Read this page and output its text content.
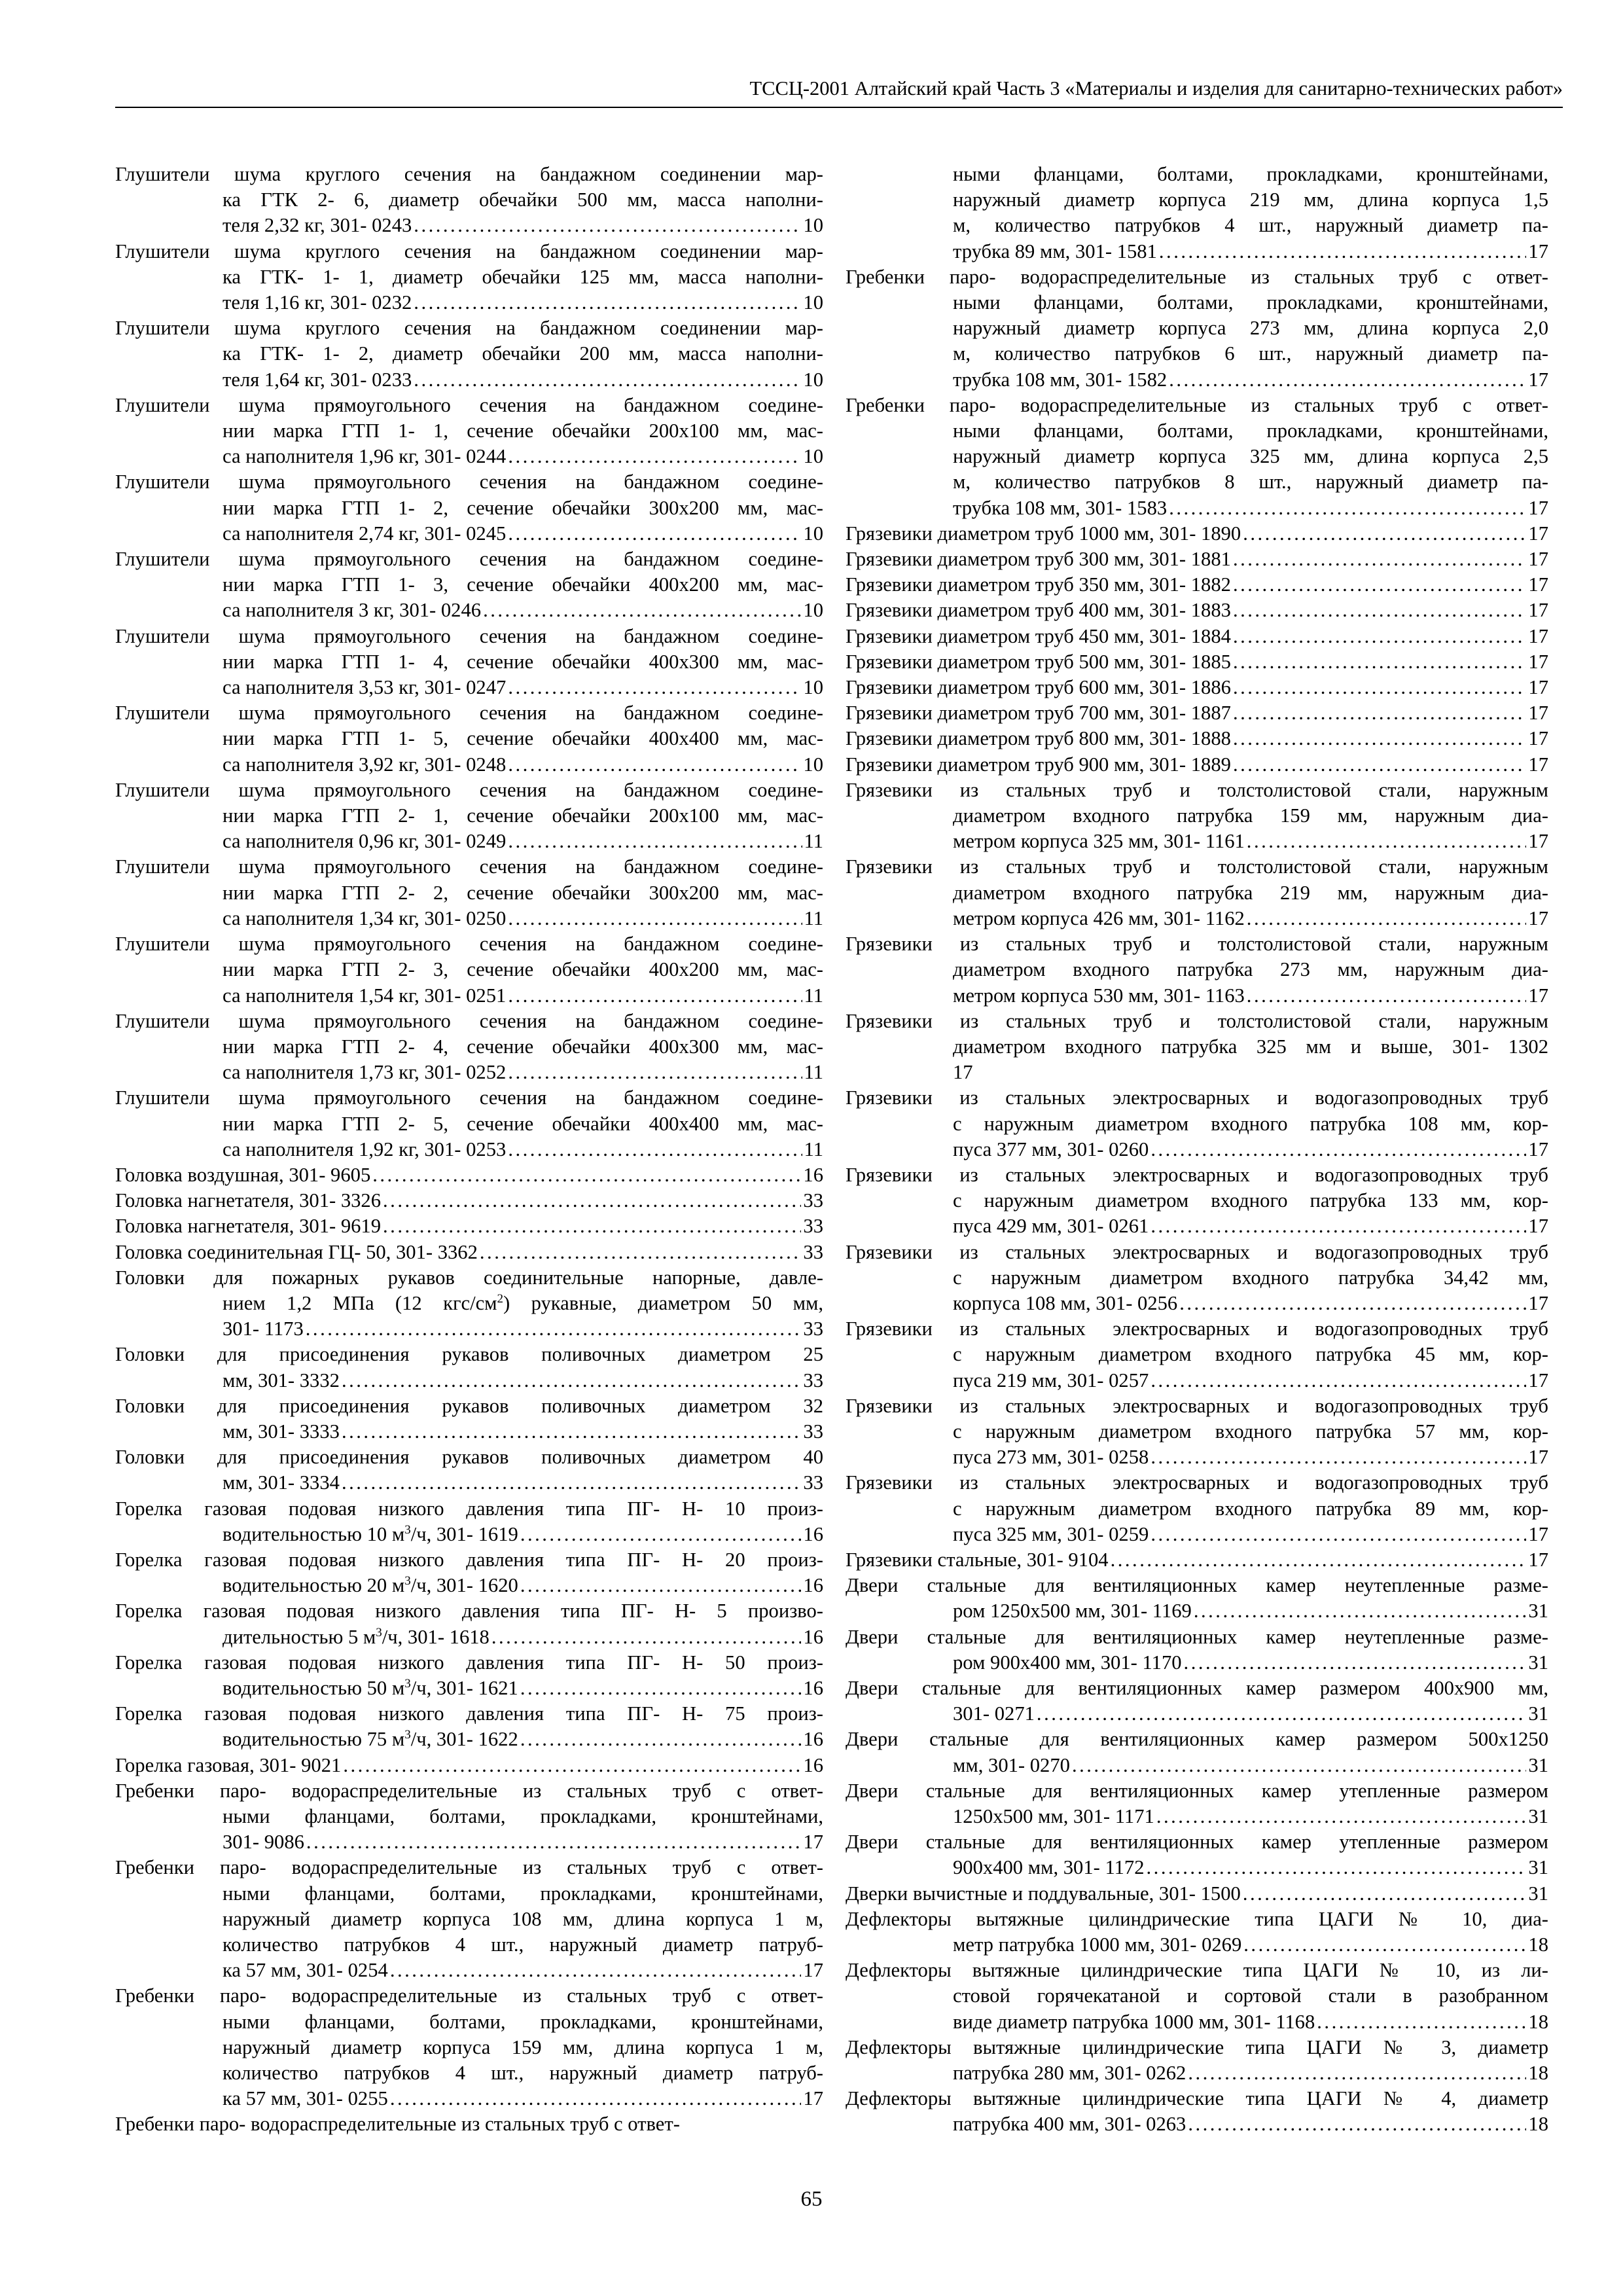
ТССЦ-2001 Алтайский край Часть 3 «Материалы и изделия для санитарно-технических работ»
Глушители шума круглого сечения на бандажном соединении мар-
ка ГТК 2- 6, диаметр обечайки 500 мм, масса наполни-
теля 2,32 кг, 301- 0243 .....	10
Глушители шума круглого сечения на бандажном соединении мар-
ка ГТК- 1- 1, диаметр обечайки 125 мм, масса наполни-
теля 1,16 кг, 301- 0232 .....	10
Глушители шума круглого сечения на бандажном соединении мар-
ка ГТК- 1- 2, диаметр обечайки 200 мм, масса наполни-
теля 1,64 кг, 301- 0233 .....	10
Глушители шума прямоугольного сечения на бандажном соедине-
нии марка ГТП 1- 1, сечение обечайки 200х100 мм, мас-
са наполнителя 1,96 кг, 301- 0244 .....	10
Глушители шума прямоугольного сечения на бандажном соедине-
нии марка ГТП 1- 2, сечение обечайки 300х200 мм, мас-
са наполнителя 2,74 кг, 301- 0245 .....	10
Глушители шума прямоугольного сечения на бандажном соедине-
нии марка ГТП 1- 3, сечение обечайки 400х200 мм, мас-
са наполнителя 3 кг, 301- 0246 .....	10
Глушители шума прямоугольного сечения на бандажном соедине-
нии марка ГТП 1- 4, сечение обечайки 400х300 мм, мас-
са наполнителя 3,53 кг, 301- 0247 .....	10
Глушители шума прямоугольного сечения на бандажном соедине-
нии марка ГТП 1- 5, сечение обечайки 400х400 мм, мас-
са наполнителя 3,92 кг, 301- 0248 .....	10
Глушители шума прямоугольного сечения на бандажном соедине-
нии марка ГТП 2- 1, сечение обечайки 200х100 мм, мас-
са наполнителя 0,96 кг, 301- 0249 .....	11
Глушители шума прямоугольного сечения на бандажном соедине-
нии марка ГТП 2- 2, сечение обечайки 300х200 мм, мас-
са наполнителя 1,34 кг, 301- 0250 .....	11
Глушители шума прямоугольного сечения на бандажном соедине-
нии марка ГТП 2- 3, сечение обечайки 400х200 мм, мас-
са наполнителя 1,54 кг, 301- 0251 .....	11
Глушители шума прямоугольного сечения на бандажном соедине-
нии марка ГТП 2- 4, сечение обечайки 400х300 мм, мас-
са наполнителя 1,73 кг, 301- 0252 .....	11
Глушители шума прямоугольного сечения на бандажном соедине-
нии марка ГТП 2- 5, сечение обечайки 400х400 мм, мас-
са наполнителя 1,92 кг, 301- 0253 .....	11
Головка воздушная, 301- 9605 .....	16
Головка нагнетателя, 301- 3326 .....	33
Головка нагнетателя, 301- 9619 .....	33
Головка соединительная ГЦ- 50, 301- 3362 .....	33
Головки для пожарных рукавов соединительные напорные, давле-
нием 1,2 МПа (12 кгс/$см^2$) рукавные, диаметром 50 мм,
301- 1173 .....	33
Головки для присоединения рукавов поливочных диаметром 25
мм, 301- 3332 .....	33
Головки для присоединения рукавов поливочных диаметром 32
мм, 301- 3333 .....	33
Головки для присоединения рукавов поливочных диаметром 40
мм, 301- 3334 .....	33
Горелка газовая подовая низкого давления типа ПГ- Н- 10 произ-
водительностью 10 $м^3/ч$, 301- 1619 .....	16
Горелка газовая подовая низкого давления типа ПГ- Н- 20 произ-
водительностью 20 $м^3/ч$, 301- 1620 .....	16
Горелка газовая подовая низкого давления типа ПГ- Н- 5 произво-
дительностью 5 $м^3/ч$, 301- 1618 .....	16
Горелка газовая подовая низкого давления типа ПГ- Н- 50 произ-
водительностью 50 $м^3/ч$, 301- 1621 .....	16
Горелка газовая подовая низкого давления типа ПГ- Н- 75 произ-
водительностью 75 $м^3/ч$, 301- 1622 .....	16
Горелка газовая, 301- 9021 .....	16
Гребенки паро- водораспределительные из стальных труб с ответ-
ными фланцами, болтами, прокладками, кронштейнами,
301- 9086 .....	17
Гребенки паро- водораспределительные из стальных труб с ответ-
ными фланцами, болтами, прокладками, кронштейнами,
наружный диаметр корпуса 108 мм, длина корпуса 1 м,
количество патрубков 4 шт., наружный диаметр патруб-
ка 57 мм, 301- 0254 .....	17
Гребенки паро- водораспределительные из стальных труб с ответ-
ными фланцами, болтами, прокладками, кронштейнами,
наружный диаметр корпуса 159 мм, длина корпуса 1 м,
количество патрубков 4 шт., наружный диаметр патруб-
ка 57 мм, 301- 0255 .....	17
Гребенки паро- водораспределительные из стальных труб с ответ-
ными фланцами, болтами, прокладками, кронштейнами,
наружный диаметр корпуса 219 мм, длина корпуса 1,5
м, количество патрубков 4 шт., наружный диаметр па-
трубка 89 мм, 301- 1581 .....	17
Гребенки паро- водораспределительные из стальных труб с ответ-
ными фланцами, болтами, прокладками, кронштейнами,
наружный диаметр корпуса 273 мм, длина корпуса 2,0
м, количество патрубков 6 шт., наружный диаметр па-
трубка 108 мм, 301- 1582 .....	17
Гребенки паро- водораспределительные из стальных труб с ответ-
ными фланцами, болтами, прокладками, кронштейнами,
наружный диаметр корпуса 325 мм, длина корпуса 2,5
м, количество патрубков 8 шт., наружный диаметр па-
трубка 108 мм, 301- 1583 .....	17
Грязевики диаметром труб 1000 мм, 301- 1890 .....	17
Грязевики диаметром труб 300 мм, 301- 1881 .....	17
Грязевики диаметром труб 350 мм, 301- 1882 .....	17
Грязевики диаметром труб 400 мм, 301- 1883 .....	17
Грязевики диаметром труб 450 мм, 301- 1884 .....	17
Грязевики диаметром труб 500 мм, 301- 1885 .....	17
Грязевики диаметром труб 600 мм, 301- 1886 .....	17
Грязевики диаметром труб 700 мм, 301- 1887 .....	17
Грязевики диаметром труб 800 мм, 301- 1888 .....	17
Грязевики диаметром труб 900 мм, 301- 1889 .....	17
Грязевики из стальных труб и толстолистовой стали, наружным
диаметром входного патрубка 159 мм, наружным диа-
метром корпуса 325 мм, 301- 1161 .....	17
Грязевики из стальных труб и толстолистовой стали, наружным
диаметром входного патрубка 219 мм, наружным диа-
метром корпуса 426 мм, 301- 1162 .....	17
Грязевики из стальных труб и толстолистовой стали, наружным
диаметром входного патрубка 273 мм, наружным диа-
метром корпуса 530 мм, 301- 1163 .....	17
Грязевики из стальных труб и толстолистовой стали, наружным
диаметром входного патрубка 325 мм и выше, 301- 1302
17
Грязевики из стальных электросварных и водогазопроводных труб
с наружным диаметром входного патрубка 108 мм, кор-
пуса 377 мм, 301- 0260 .....	17
Грязевики из стальных электросварных и водогазопроводных труб
с наружным диаметром входного патрубка 133 мм, кор-
пуса 429 мм, 301- 0261 .....	17
Грязевики из стальных электросварных и водогазопроводных труб
с наружным диаметром входного патрубка 34,42 мм,
корпуса 108 мм, 301- 0256 .....	17
Грязевики из стальных электросварных и водогазопроводных труб
с наружным диаметром входного патрубка 45 мм, кор-
пуса 219 мм, 301- 0257 .....	17
Грязевики из стальных электросварных и водогазопроводных труб
с наружным диаметром входного патрубка 57 мм, кор-
пуса 273 мм, 301- 0258 .....	17
Грязевики из стальных электросварных и водогазопроводных труб
с наружным диаметром входного патрубка 89 мм, кор-
пуса 325 мм, 301- 0259 .....	17
Грязевики стальные, 301- 9104 .....	17
Двери стальные для вентиляционных камер неутепленные разме-
ром 1250х500 мм, 301- 1169 .....	31
Двери стальные для вентиляционных камер неутепленные разме-
ром 900х400 мм, 301- 1170 .....	31
Двери стальные для вентиляционных камер размером 400х900 мм,
301- 0271 .....	31
Двери стальные для вентиляционных камер размером 500х1250
мм, 301- 0270 .....	31
Двери стальные для вентиляционных камер утепленные размером
1250х500 мм, 301- 1171 .....	31
Двери стальные для вентиляционных камер утепленные размером
900х400 мм, 301- 1172 .....	31
Дверки вычистные и поддувальные, 301- 1500 .....	31
Дефлекторы вытяжные цилиндрические типа ЦАГИ № 10, диа-
метр патрубка 1000 мм, 301- 0269 .....	18
Дефлекторы вытяжные цилиндрические типа ЦАГИ № 10, из ли-
стовой горячекатаной и сортовой стали в разобранном
виде диаметр патрубка 1000 мм, 301- 1168 .....	18
Дефлекторы вытяжные цилиндрические типа ЦАГИ № 3, диаметр
патрубка 280 мм, 301- 0262 .....	18
Дефлекторы вытяжные цилиндрические типа ЦАГИ № 4, диаметр
патрубка 400 мм, 301- 0263 .....	18
65
